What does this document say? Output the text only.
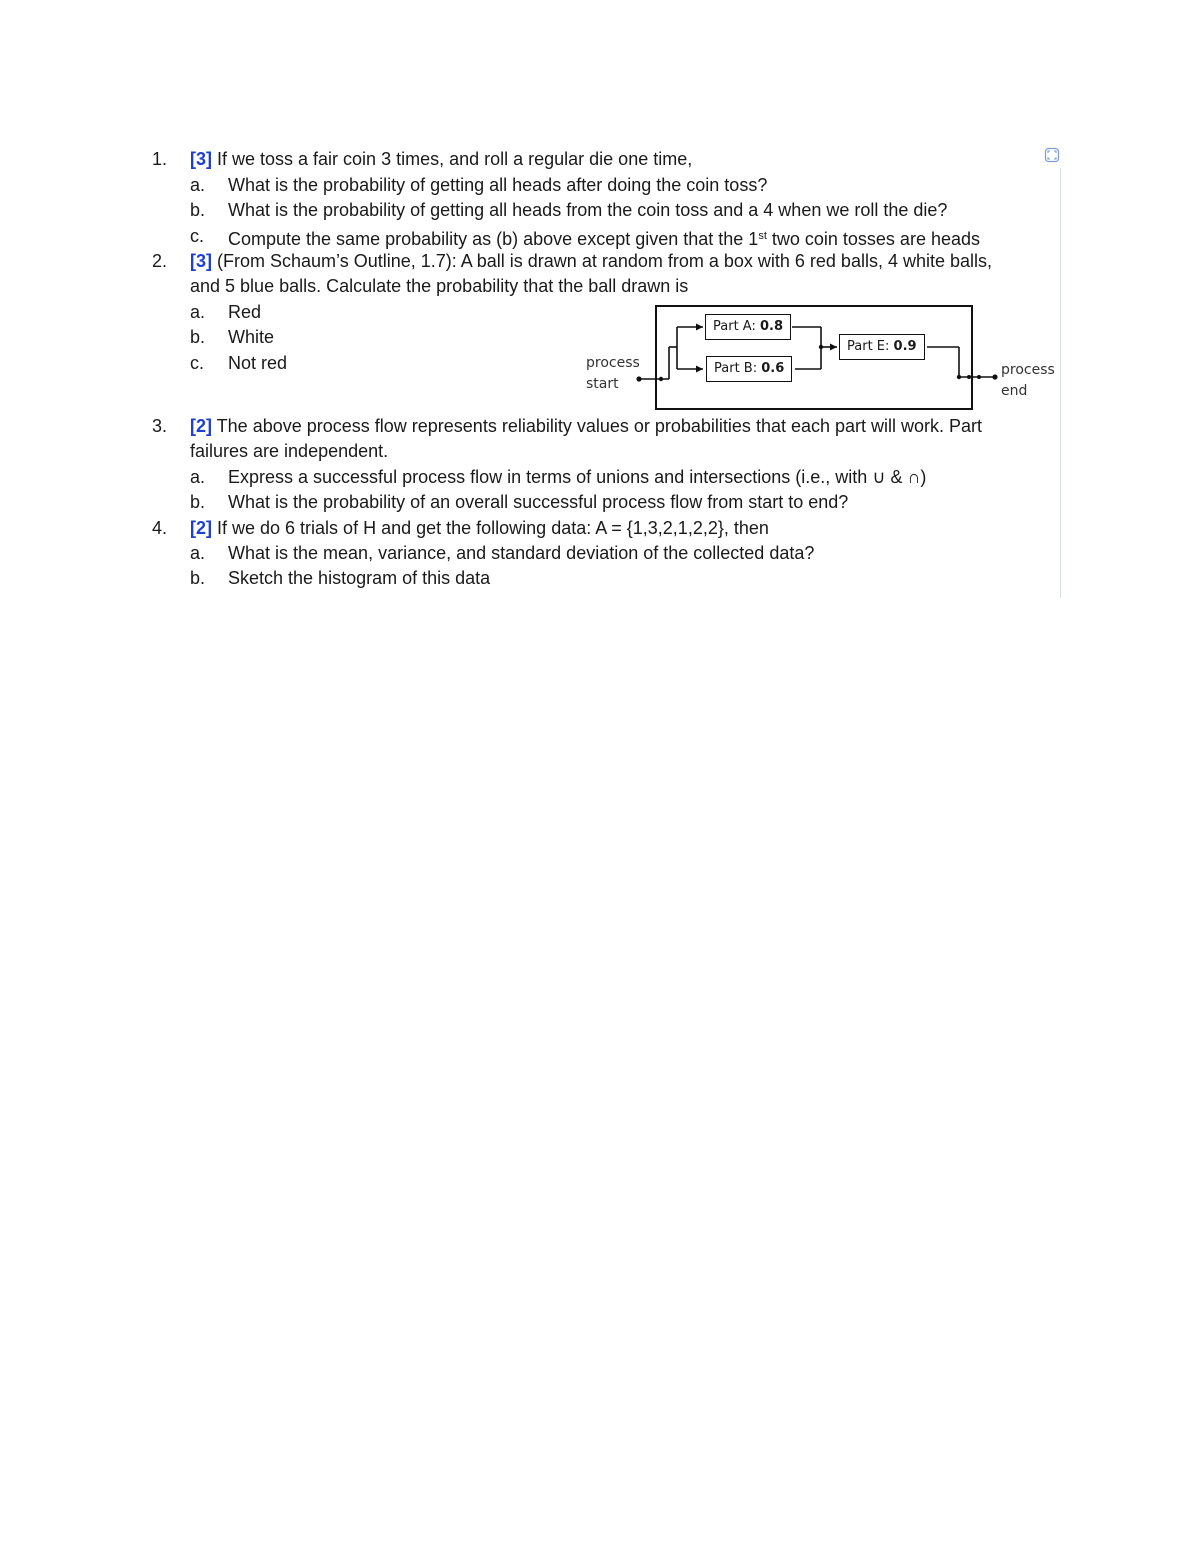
1. [3] If we toss a fair coin 3 times, and roll a regular die one time,
a. What is the probability of getting all heads after doing the coin toss?
b. What is the probability of getting all heads from the coin toss and a 4 when we roll the die?
c. Compute the same probability as (b) above except given that the 1st two coin tosses are heads
2. [3] (From Schaum’s Outline, 1.7): A ball is drawn at random from a box with 6 red balls, 4 white balls,
and 5 blue balls. Calculate the probability that the ball drawn is
a. Red
b. White
c. Not red
Part A: 0.8
Part B: 0.6
Part E: 0.9
process
start
process
end
3. [2] The above process flow represents reliability values or probabilities that each part will work. Part
failures are independent.
a. Express a successful process flow in terms of unions and intersections (i.e., with ∪ & ∩)
b. What is the probability of an overall successful process flow from start to end?
4. [2] If we do 6 trials of H and get the following data: A = {1,3,2,1,2,2}, then
a. What is the mean, variance, and standard deviation of the collected data?
b. Sketch the histogram of this data
